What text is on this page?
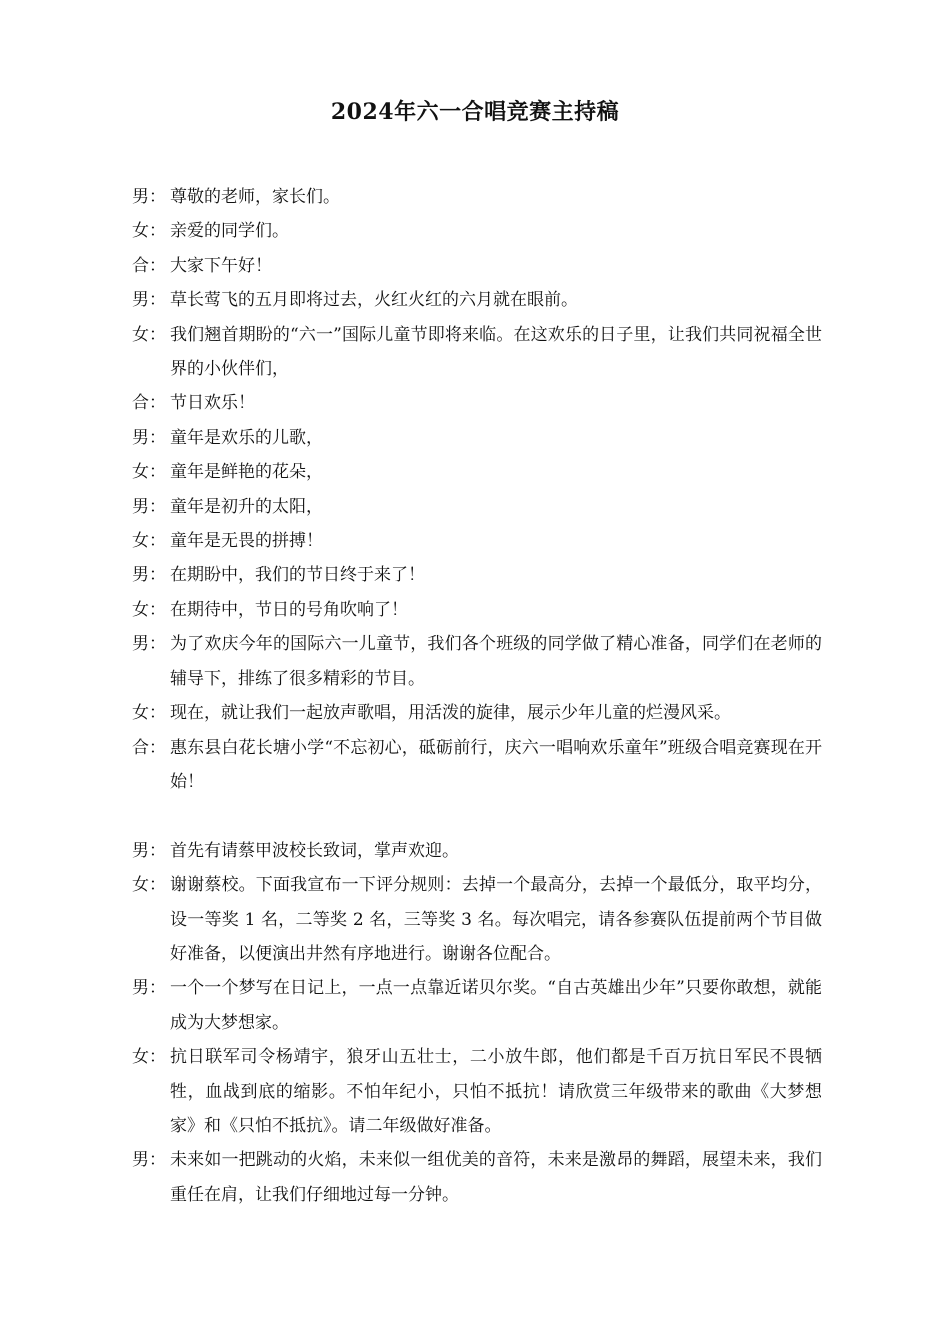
2024年六一合唱竞赛主持稿
男： 尊敬的老师，家长们。
女： 亲爱的同学们。
合： 大家下午好！
男： 草长莺飞的五月即将过去，火红火红的六月就在眼前。
女： 我们翘首期盼的“六一”国际儿童节即将来临。在这欢乐的日子里，让我们共同祝福全世界的小伙伴们，
合： 节日欢乐！
男： 童年是欢乐的儿歌，
女： 童年是鲜艳的花朵，
男： 童年是初升的太阳，
女： 童年是无畏的拼搏！
男： 在期盼中，我们的节日终于来了！
女： 在期待中，节日的号角吹响了！
男： 为了欢庆今年的国际六一儿童节，我们各个班级的同学做了精心准备，同学们在老师的辅导下，排练了很多精彩的节目。
女： 现在，就让我们一起放声歌唱，用活泼的旋律，展示少年儿童的烂漫风采。
合： 惠东县白花长塘小学“不忘初心，砥砺前行，庆六一唱响欢乐童年”班级合唱竞赛现在开始！
男： 首先有请蔡甲波校长致词，掌声欢迎。
女： 谢谢蔡校。下面我宣布一下评分规则：去掉一个最高分，去掉一个最低分，取平均分，设一等奖 1 名，二等奖 2 名，三等奖 3 名。每次唱完，请各参赛队伍提前两个节目做好准备，以便演出井然有序地进行。谢谢各位配合。
男： 一个一个梦写在日记上，一点一点靠近诺贝尔奖。“自古英雄出少年”只要你敢想，就能成为大梦想家。
女： 抗日联军司令杨靖宇，狼牙山五壮士，二小放牛郎，他们都是千百万抗日军民不畏牺牲，血战到底的缩影。不怕年纪小，只怕不抵抗！请欣赏三年级带来的歌曲《大梦想家》和《只怕不抵抗》。请二年级做好准备。
男： 未来如一把跳动的火焰，未来似一组优美的音符，未来是激昂的舞蹈，展望未来，我们重任在肩，让我们仔细地过每一分钟。
